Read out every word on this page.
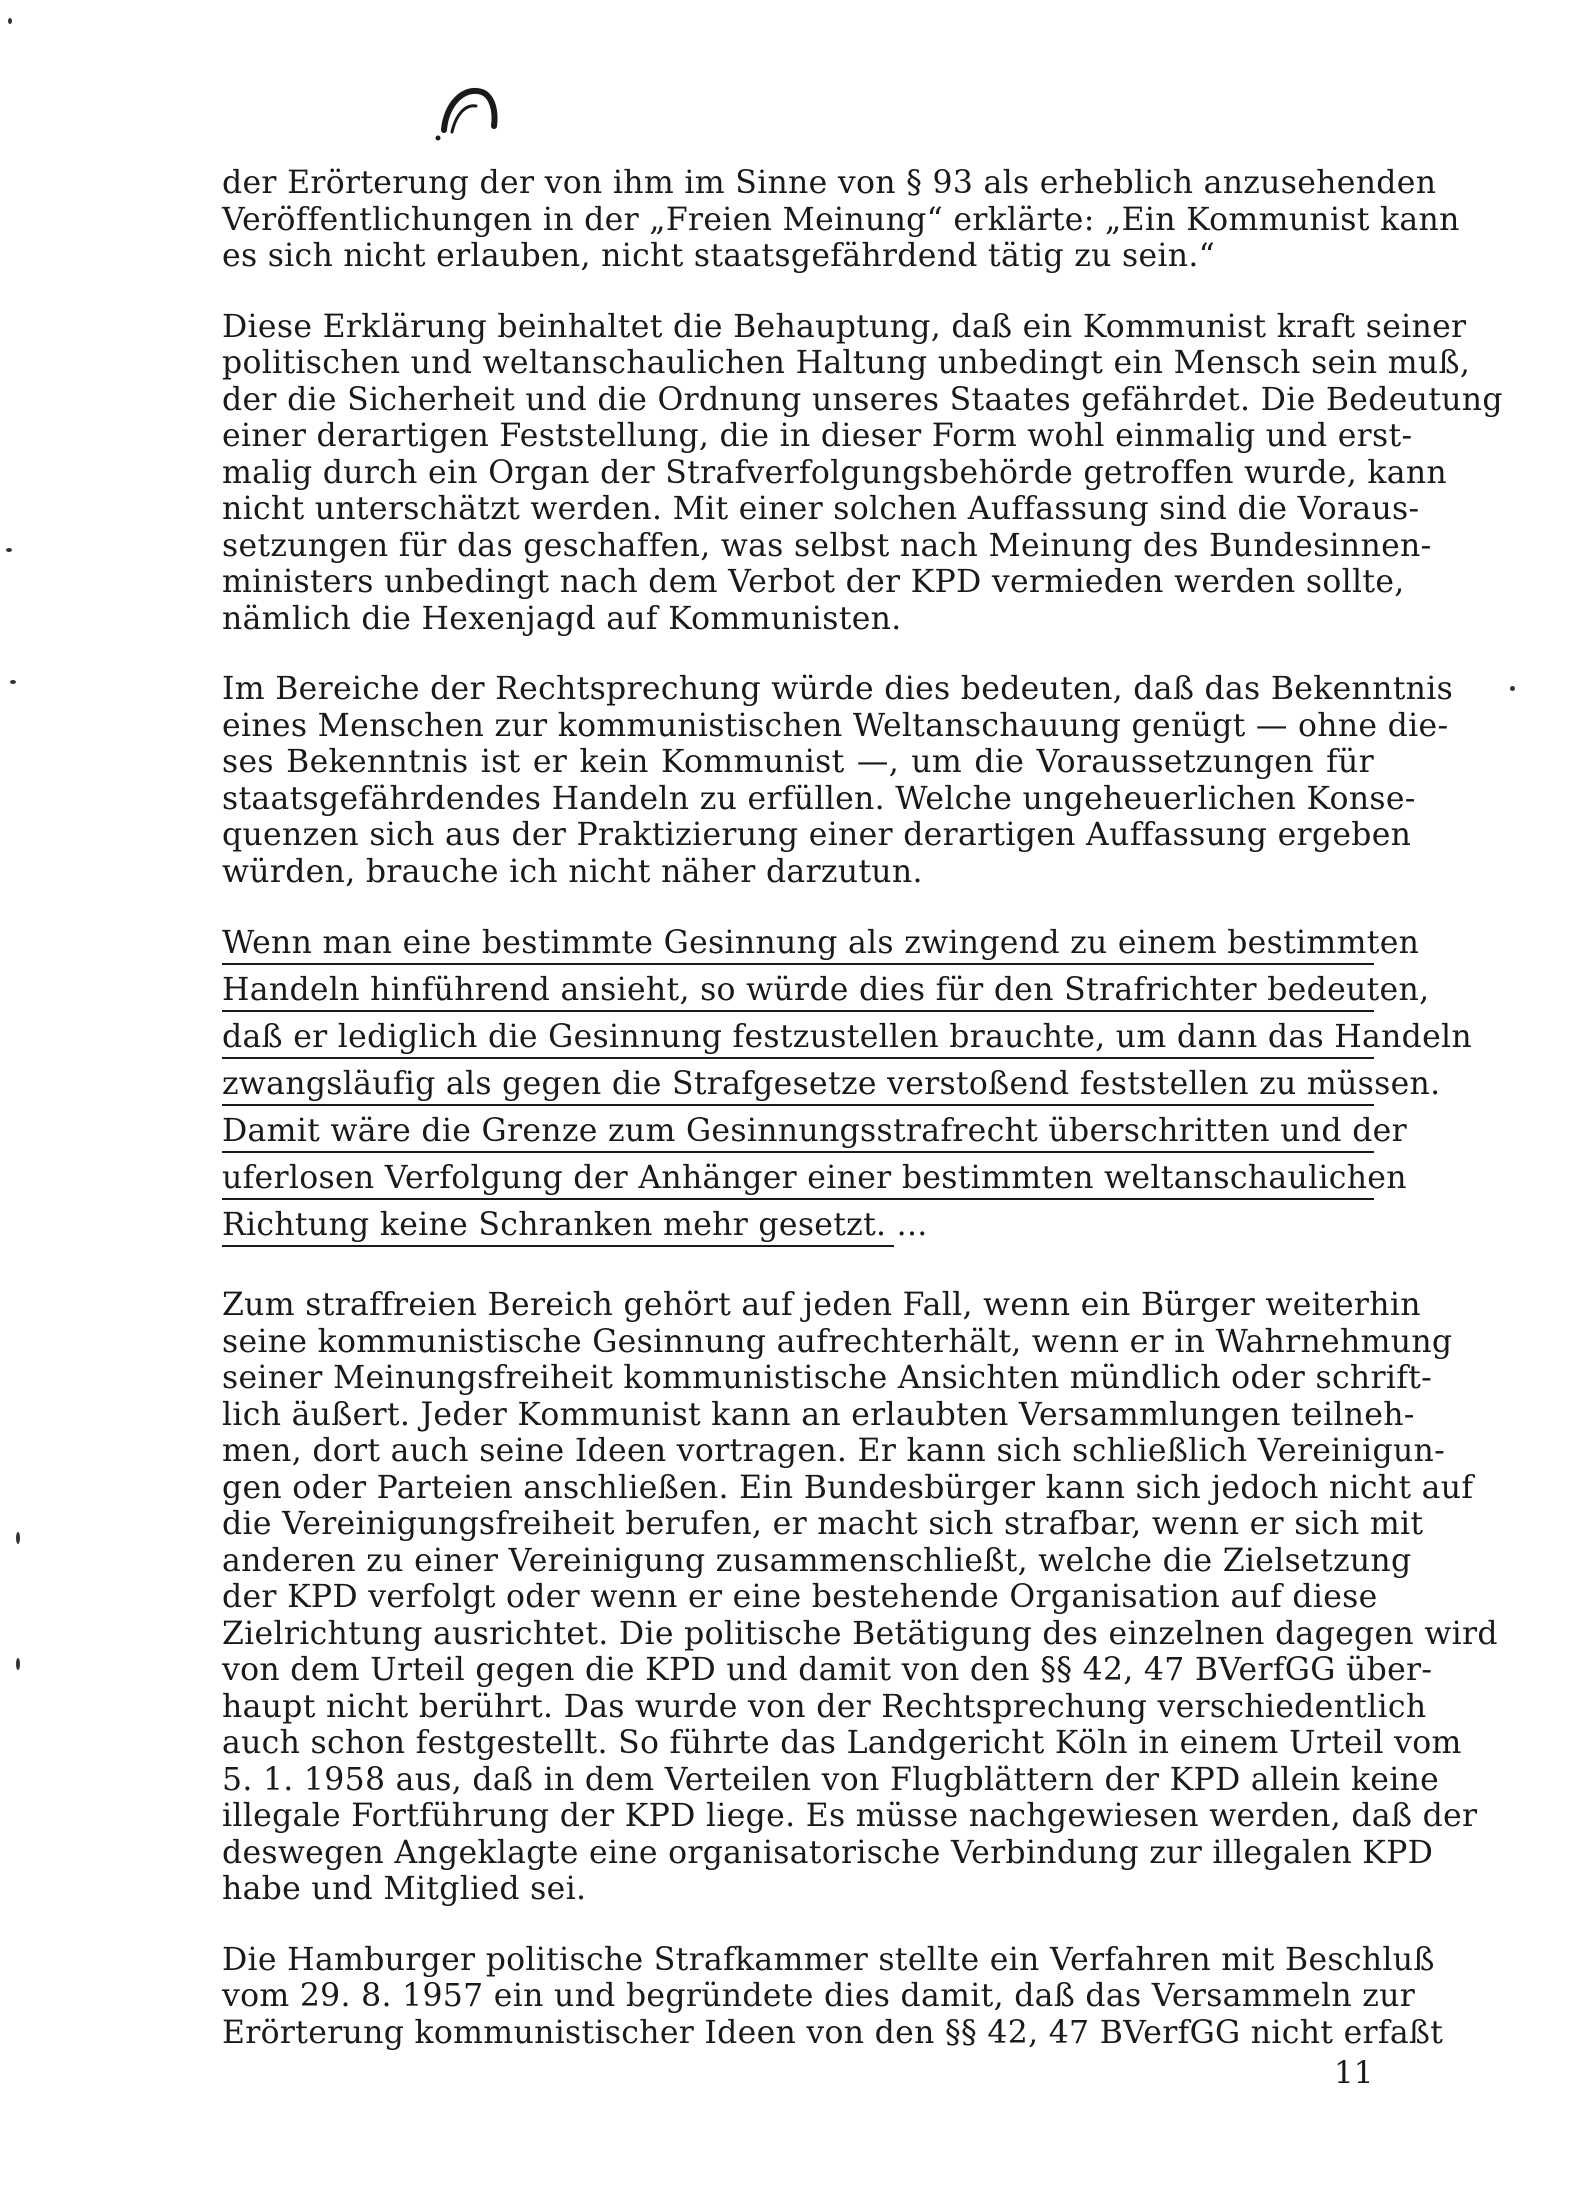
der Erörterung der von ihm im Sinne von § 93 als erheblich anzusehenden
Veröffentlichungen in der „Freien Meinung“ erklärte: „Ein Kommunist kann
es sich nicht erlauben, nicht staatsgefährdend tätig zu sein.“
Diese Erklärung beinhaltet die Behauptung, daß ein Kommunist kraft seiner
politischen und weltanschaulichen Haltung unbedingt ein Mensch sein muß,
der die Sicherheit und die Ordnung unseres Staates gefährdet. Die Bedeutung
einer derartigen Feststellung, die in dieser Form wohl einmalig und erst-
malig durch ein Organ der Strafverfolgungsbehörde getroffen wurde, kann
nicht unterschätzt werden. Mit einer solchen Auffassung sind die Voraus-
setzungen für das geschaffen, was selbst nach Meinung des Bundesinnen-
ministers unbedingt nach dem Verbot der KPD vermieden werden sollte,
nämlich die Hexenjagd auf Kommunisten.
Im Bereiche der Rechtsprechung würde dies bedeuten, daß das Bekenntnis
eines Menschen zur kommunistischen Weltanschauung genügt — ohne die-
ses Bekenntnis ist er kein Kommunist —, um die Voraussetzungen für
staatsgefährdendes Handeln zu erfüllen. Welche ungeheuerlichen Konse-
quenzen sich aus der Praktizierung einer derartigen Auffassung ergeben
würden, brauche ich nicht näher darzutun.
Wenn man eine bestimmte Gesinnung als zwingend zu einem bestimmten
Handeln hinführend ansieht, so würde dies für den Strafrichter bedeuten,
daß er lediglich die Gesinnung festzustellen brauchte, um dann das Handeln
zwangsläufig als gegen die Strafgesetze verstoßend feststellen zu müssen.
Damit wäre die Grenze zum Gesinnungsstrafrecht überschritten und der
uferlosen Verfolgung der Anhänger einer bestimmten weltanschaulichen
Richtung keine Schranken mehr gesetzt. ...
Zum straffreien Bereich gehört auf jeden Fall, wenn ein Bürger weiterhin
seine kommunistische Gesinnung aufrechterhält, wenn er in Wahrnehmung
seiner Meinungsfreiheit kommunistische Ansichten mündlich oder schrift-
lich äußert. Jeder Kommunist kann an erlaubten Versammlungen teilneh-
men, dort auch seine Ideen vortragen. Er kann sich schließlich Vereinigun-
gen oder Parteien anschließen. Ein Bundesbürger kann sich jedoch nicht auf
die Vereinigungsfreiheit berufen, er macht sich strafbar, wenn er sich mit
anderen zu einer Vereinigung zusammenschließt, welche die Zielsetzung
der KPD verfolgt oder wenn er eine bestehende Organisation auf diese
Zielrichtung ausrichtet. Die politische Betätigung des einzelnen dagegen wird
von dem Urteil gegen die KPD und damit von den §§ 42, 47 BVerfGG über-
haupt nicht berührt. Das wurde von der Rechtsprechung verschiedentlich
auch schon festgestellt. So führte das Landgericht Köln in einem Urteil vom
5. 1. 1958 aus, daß in dem Verteilen von Flugblättern der KPD allein keine
illegale Fortführung der KPD liege. Es müsse nachgewiesen werden, daß der
deswegen Angeklagte eine organisatorische Verbindung zur illegalen KPD
habe und Mitglied sei.
Die Hamburger politische Strafkammer stellte ein Verfahren mit Beschluß
vom 29. 8. 1957 ein und begründete dies damit, daß das Versammeln zur
Erörterung kommunistischer Ideen von den §§ 42, 47 BVerfGG nicht erfaßt
11
